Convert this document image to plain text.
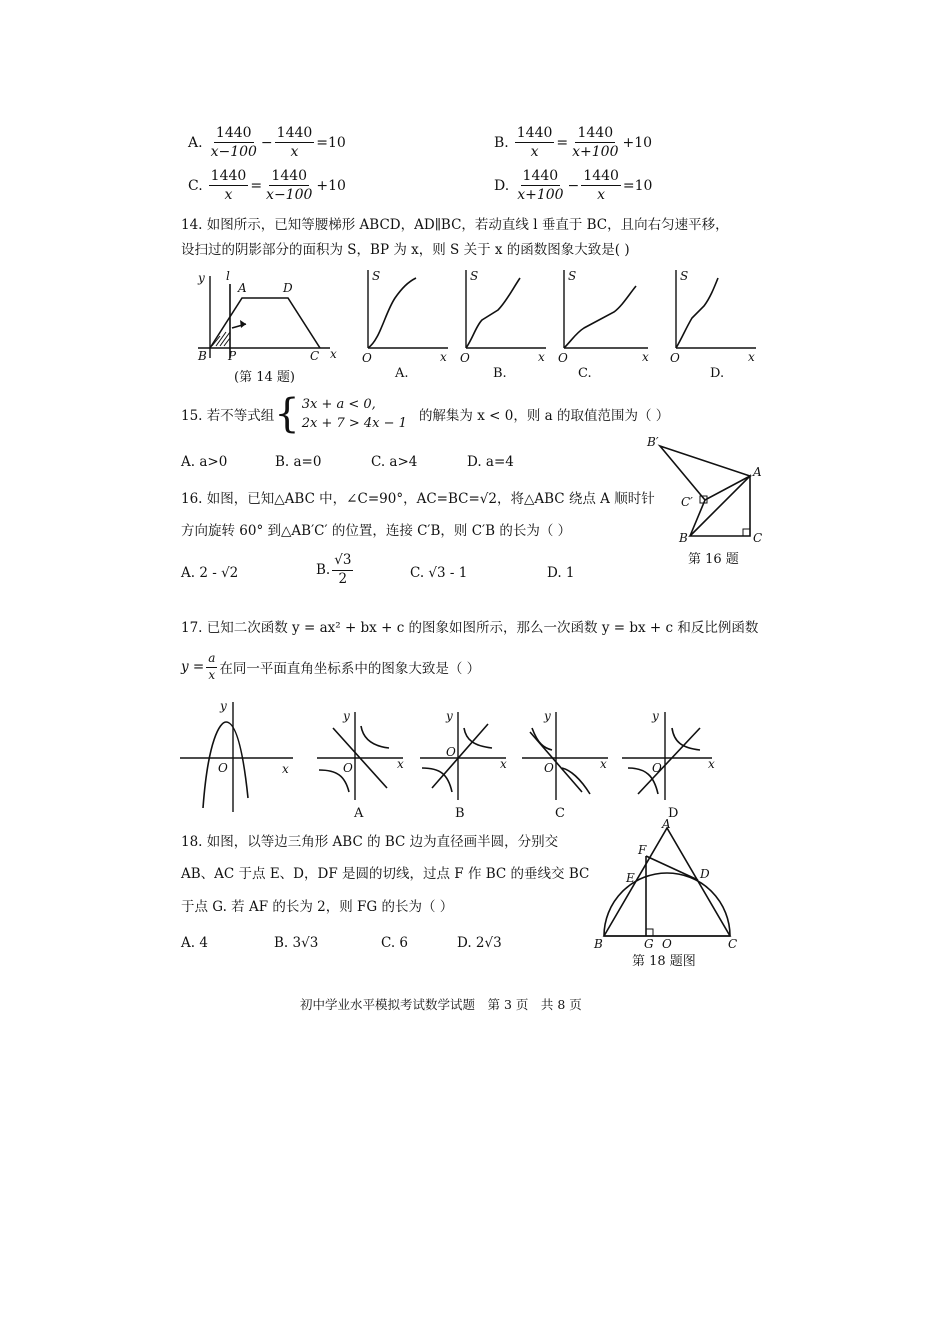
A. $\frac{1440}{x-100} - \frac{1440}{x} =10$	B. $\frac{1440}{x} = \frac{1440}{x+100} +10$
C. $\frac{1440}{x} = \frac{1440}{x-100} +10$	D. $\frac{1440}{x+100} - \frac{1440}{x} =10$
14. 如图所示，已知等腰梯形 ABCD，AD∥BC，若动直线 l 垂直于 BC，且向右匀速平移，
设扫过的阴影部分的面积为 S，BP 为 x，则 S 关于 x 的函数图象大致是( )
y l
A	D
B P	C x
(第 14 题)
S
O	x
A.
S
O	x
B.
S
O	x
C.
S
O	x
D.
15. 若不等式组 { 3x + a < 0,
2x + 7 > 4x − 1 的解集为 x < 0，则 a 的取值范围为（ ）
A. a>0	B. a=0	C. a>4	D. a=4
16. 如图，已知△ABC 中，∠C=90°，AC=BC=√2，将△ABC 绕点 A 顺时针
方向旋转 60° 到△AB′C′ 的位置，连接 C′B，则 C′B 的长为（ ）
A. 2 - √2	B. $\frac{√3}{2}$	C. √3 - 1	D. 1
B′
A
C′
B	C
第 16 题
17. 已知二次函数 y = ax² + bx + c 的图象如图所示，那么一次函数 y = bx + c 和反比例函数
$y = \frac{a}{x}$ 在同一平面直角坐标系中的图象大致是（ ）
y
O	x
y
O	x
A
y
O
x
B
y
O	x
C
y
O	x
D
18. 如图，以等边三角形 ABC 的 BC 边为直径画半圆，分别交
AB、AC 于点 E、D，DF 是圆的切线，过点 F 作 BC 的垂线交 BC
于点 G. 若 AF 的长为 2，则 FG 的长为（ ）
A. 4	B. 3√3	C. 6	D. 2√3
A
F
E	D
B	G O	C
第 18 题图
初中学业水平模拟考试数学试题　第 3 页　共 8 页
